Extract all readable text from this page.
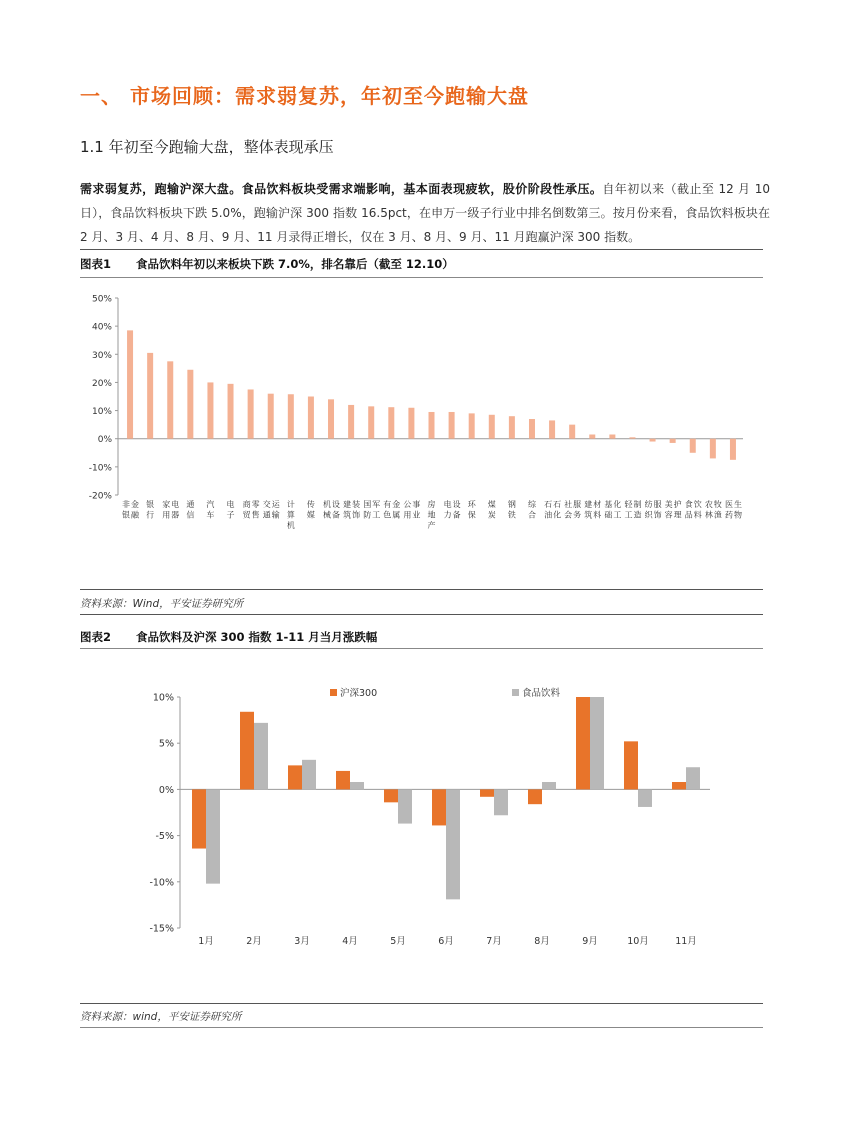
一、 市场回顾：需求弱复苏，年初至今跑输大盘
1.1 年初至今跑输大盘，整体表现承压
需求弱复苏，跑输沪深大盘。食品饮料板块受需求端影响，基本面表现疲软，股价阶段性承压。自年初以来（截止至 12 月 10 日），食品饮料板块下跌 5.0%，跑输沪深 300 指数 16.5pct，在申万一级子行业中排名倒数第三。按月份来看，食品饮料板块在 2 月、3 月、4 月、8 月、9 月、11 月录得正增长，仅在 3 月、8 月、9 月、11 月跑赢沪深 300 指数。
图表1 食品饮料年初以来板块下跌 7.0%，排名靠后（截至 12.10）
50%
40%
30%
20%
10%
0%
-10%
-20%
非
银
金
融
银
行
家
用
电
器
通
信
汽
车
电
子
商
贸
零
售
交
通
运
输
计
算
机
传
媒
机
械
设
备
建
筑
装
饰
国
防
军
工
有
色
金
属
公
用
事
业
房
地
产
电
力
设
备
环
保
煤
炭
钢
铁
综
合
石
油
石
化
社
会
服
务
建
筑
材
料
基
础
化
工
轻
工
制
造
纺
织
服
饰
美
容
护
理
食
品
饮
料
农
林
牧
渔
医
药
生
物
资料来源：Wind，平安证券研究所
图表2 食品饮料及沪深 300 指数 1-11 月当月涨跌幅
10%
5%
0%
-5%
-10%
-15%
1月	2月	3月	4月	5月	6月	7月	8月	9月	10月	11月
沪深300	食品饮料
资料来源：wind，平安证券研究所
